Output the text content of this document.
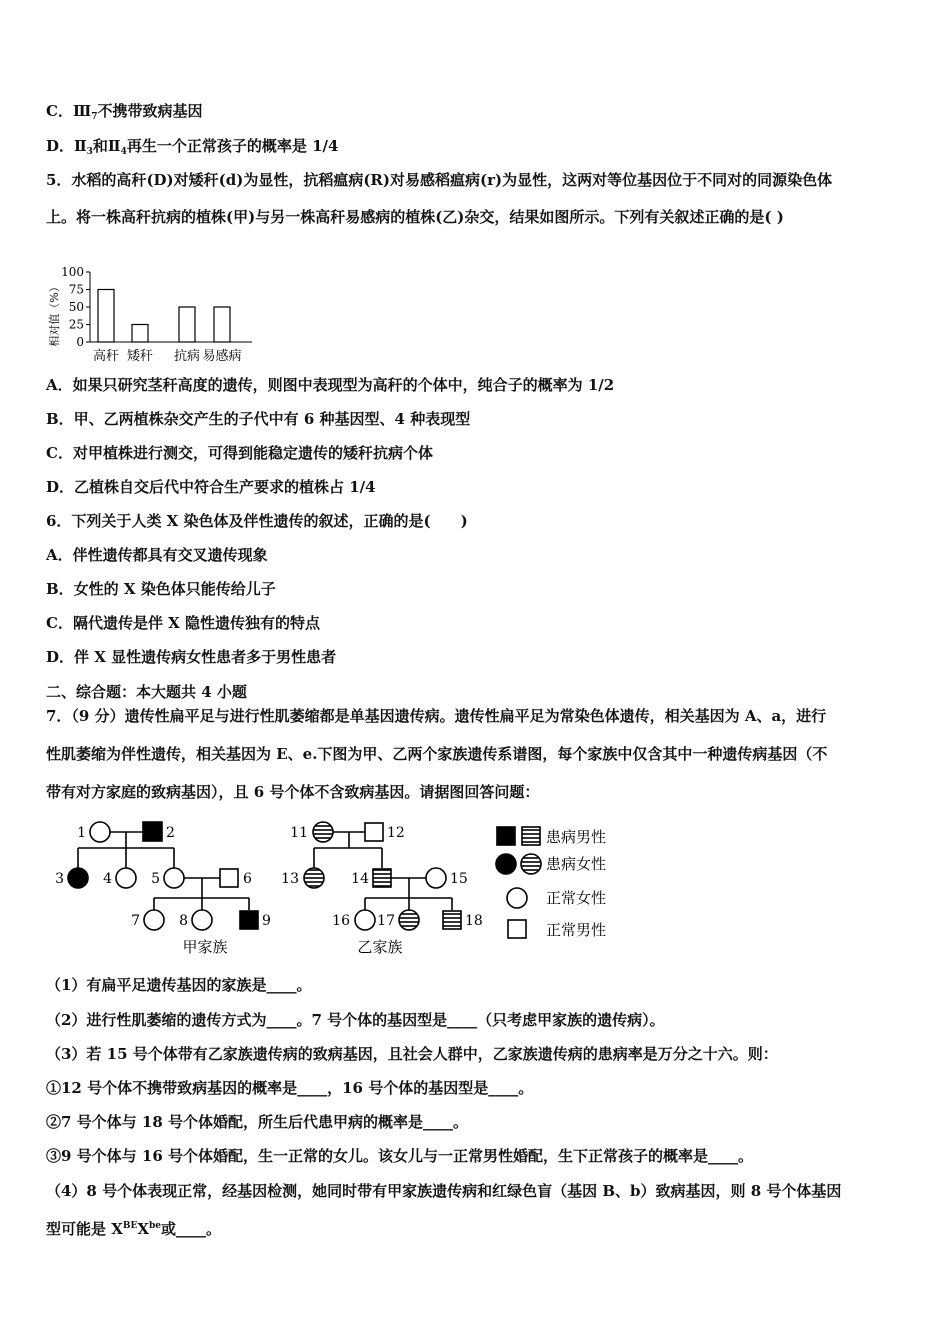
C．$Ⅲ_7$不携带致病基因
D．$Ⅱ_3$和$Ⅱ_4$再生一个正常孩子的概率是 1/4
5．水稻的高秆(D)对矮秆(d)为显性，抗稻瘟病(R)对易感稻瘟病(r)为显性，这两对等位基因位于不同对的同源染色体
上。将一株高秆抗病的植株(甲)与另一株高秆易感病的植株(乙)杂交，结果如图所示。下列有关叙述正确的是( )
相对值（%）
100
75
50
25
0
高秆 矮秆 抗病 易感病
A．如果只研究茎秆高度的遗传，则图中表现型为高秆的个体中，纯合子的概率为 1/2
B．甲、乙两植株杂交产生的子代中有 6 种基因型、4 种表现型
C．对甲植株进行测交，可得到能稳定遗传的矮秆抗病个体
D．乙植株自交后代中符合生产要求的植株占 1/4
6．下列关于人类 X 染色体及伴性遗传的叙述，正确的是(　　)
A．伴性遗传都具有交叉遗传现象
B．女性的 X 染色体只能传给儿子
C．隔代遗传是伴 X 隐性遗传独有的特点
D．伴 X 显性遗传病女性患者多于男性患者
二、综合题：本大题共 4 小题
7．（9 分）遗传性扁平足与进行性肌萎缩都是单基因遗传病。遗传性扁平足为常染色体遗传，相关基因为 A、a，进行
性肌萎缩为伴性遗传，相关基因为 E、e.下图为甲、乙两个家族遗传系谱图，每个家族中仅含其中一种遗传病基因（不
带有对方家庭的致病基因），且 6 号个体不含致病基因。请据图回答问题：
1	2
3	4	5	6
7	8	9
11	12
13	14	15
16 17	18
甲家族	乙家族
患病男性
患病女性
正常女性
正常男性
（1）有扁平足遗传基因的家族是____。
（2）进行性肌萎缩的遗传方式为____。7 号个体的基因型是____（只考虑甲家族的遗传病）。
（3）若 15 号个体带有乙家族遗传病的致病基因，且社会人群中，乙家族遗传病的患病率是万分之十六。则：
①12 号个体不携带致病基因的概率是____，16 号个体的基因型是____。
②7 号个体与 18 号个体婚配，所生后代患甲病的概率是____。
③9 号个体与 16 号个体婚配，生一正常的女儿。该女儿与一正常男性婚配，生下正常孩子的概率是____。
（4）8 号个体表现正常，经基因检测，她同时带有甲家族遗传病和红绿色盲（基因 B、b）致病基因，则 8 号个体基因
型可能是 $X^{BE}X^{be}$或____。
